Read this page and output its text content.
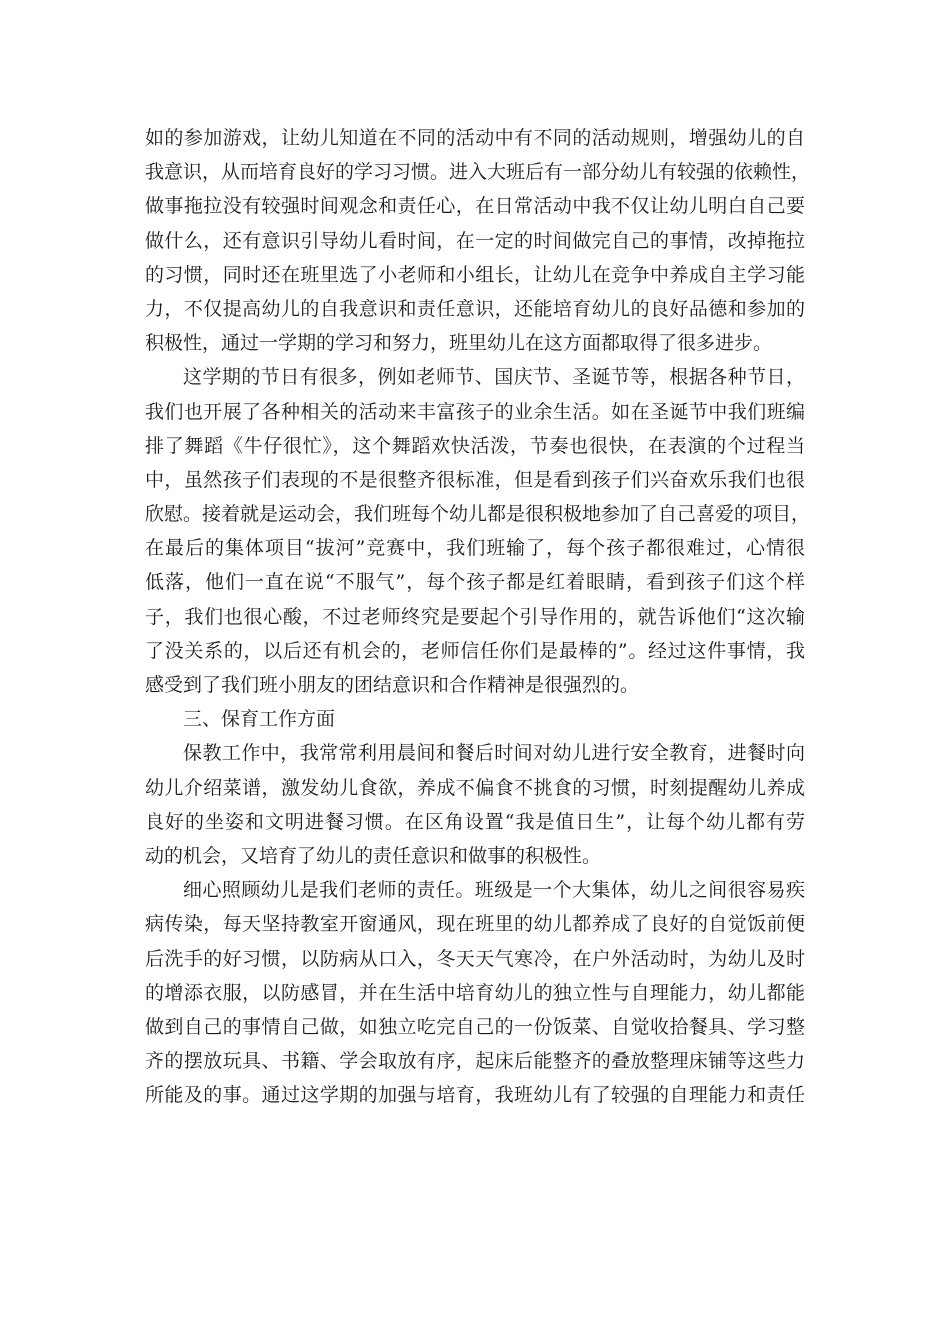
如的参加游戏，让幼儿知道在不同的活动中有不同的活动规则，增强幼儿的自
我意识，从而培育良好的学习习惯。进入大班后有一部分幼儿有较强的依赖性，
做事拖拉没有较强时间观念和责任心，在日常活动中我不仅让幼儿明白自己要
做什么，还有意识引导幼儿看时间，在一定的时间做完自己的事情，改掉拖拉
的习惯，同时还在班里选了小老师和小组长，让幼儿在竞争中养成自主学习能
力，不仅提高幼儿的自我意识和责任意识，还能培育幼儿的良好品德和参加的
积极性，通过一学期的学习和努力，班里幼儿在这方面都取得了很多进步。
这学期的节日有很多，例如老师节、国庆节、圣诞节等，根据各种节日，
我们也开展了各种相关的活动来丰富孩子的业余生活。如在圣诞节中我们班编
排了舞蹈《牛仔很忙》，这个舞蹈欢快活泼，节奏也很快，在表演的个过程当
中，虽然孩子们表现的不是很整齐很标准，但是看到孩子们兴奋欢乐我们也很
欣慰。接着就是运动会，我们班每个幼儿都是很积极地参加了自己喜爱的项目，
在最后的集体项目“拔河”竞赛中，我们班输了，每个孩子都很难过，心情很
低落，他们一直在说“不服气”，每个孩子都是红着眼睛，看到孩子们这个样
子，我们也很心酸，不过老师终究是要起个引导作用的，就告诉他们“这次输
了没关系的，以后还有机会的，老师信任你们是最棒的”。经过这件事情，我
感受到了我们班小朋友的团结意识和合作精神是很强烈的。
三、保育工作方面
保教工作中，我常常利用晨间和餐后时间对幼儿进行安全教育，进餐时向
幼儿介绍菜谱，激发幼儿食欲，养成不偏食不挑食的习惯，时刻提醒幼儿养成
良好的坐姿和文明进餐习惯。在区角设置“我是值日生”，让每个幼儿都有劳
动的机会，又培育了幼儿的责任意识和做事的积极性。
细心照顾幼儿是我们老师的责任。班级是一个大集体，幼儿之间很容易疾
病传染，每天坚持教室开窗通风，现在班里的幼儿都养成了良好的自觉饭前便
后洗手的好习惯，以防病从口入，冬天天气寒冷，在户外活动时，为幼儿及时
的增添衣服，以防感冒，并在生活中培育幼儿的独立性与自理能力，幼儿都能
做到自己的事情自己做，如独立吃完自己的一份饭菜、自觉收拾餐具、学习整
齐的摆放玩具、书籍、学会取放有序，起床后能整齐的叠放整理床铺等这些力
所能及的事。通过这学期的加强与培育，我班幼儿有了较强的自理能力和责任
